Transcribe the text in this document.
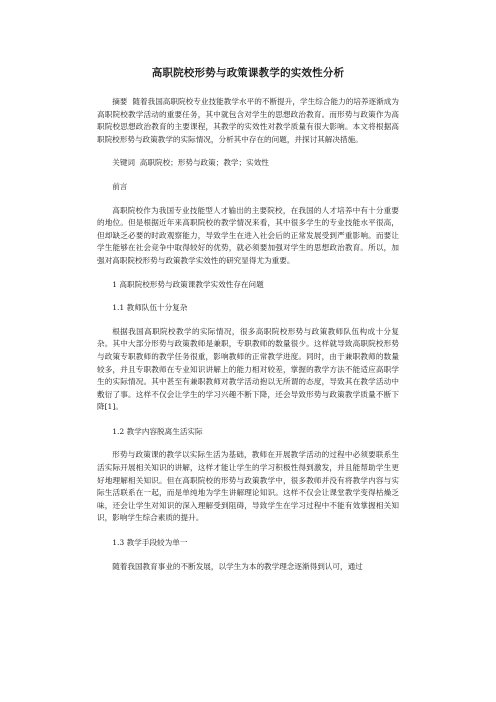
高职院校形势与政策课教学的实效性分析

摘要 随着我国高职院校专业技能教学水平的不断提升，学生综合能力的培养逐渐成为高职院校教学活动的重要任务，其中就包含对学生的思想政治教育。而形势与政策作为高职院校思想政治教育的主要课程，其教学的实效性对教学质量有很大影响。本文将根据高职院校形势与政策教学的实际情况，分析其中存在的问题，并探讨其解决措施。

关键词 高职院校；形势与政策；教学；实效性

前言

高职院校作为我国专业技能型人才输出的主要院校，在我国的人才培养中有十分重要的地位。但是根据近年来高职院校的教学情况来看，其中很多学生的专业技能水平很高，但却缺乏必要的时政观察能力，导致学生在进入社会后的正常发展受到严重影响。而要让学生能够在社会竞争中取得较好的优势，就必须要加强对学生的思想政治教育。所以，加强对高职院校形势与政策教学实效性的研究显得尤为重要。

1 高职院校形势与政策课教学实效性存在问题

1.1 教师队伍十分复杂

根据我国高职院校教学的实际情况，很多高职院校形势与政策教师队伍构成十分复杂。其中大部分形势与政策教师是兼职，专职教师的数量很少。这样就导致高职院校形势与政策专职教师的教学任务很重，影响教师的正常教学进度。同时，由于兼职教师的数量较多，并且专职教师在专业知识讲解上的能力相对较差，掌握的教学方法不能适应高职学生的实际情况。其中甚至有兼职教师对教学活动抱以无所谓的态度，导致其在教学活动中敷衍了事。这样不仅会让学生的学习兴趣不断下降，还会导致形势与政策教学质量不断下降[1]。

1.2 教学内容脱离生活实际

形势与政策课的教学以实际生活为基础，教师在开展教学活动的过程中必须要联系生活实际开展相关知识的讲解，这样才能让学生的学习积极性得到激发，并且能帮助学生更好地理解相关知识。但在高职院校的形势与政策教学中，很多教师并没有将教学内容与实际生活联系在一起，而是单纯地为学生讲解理论知识。这样不仅会让课堂教学变得枯燥乏味，还会让学生对知识的深入理解受到阻碍，导致学生在学习过程中不能有效掌握相关知识，影响学生综合素质的提升。

1.3 教学手段较为单一

随着我国教育事业的不断发展，以学生为本的教学理念逐渐得到认可，通过
